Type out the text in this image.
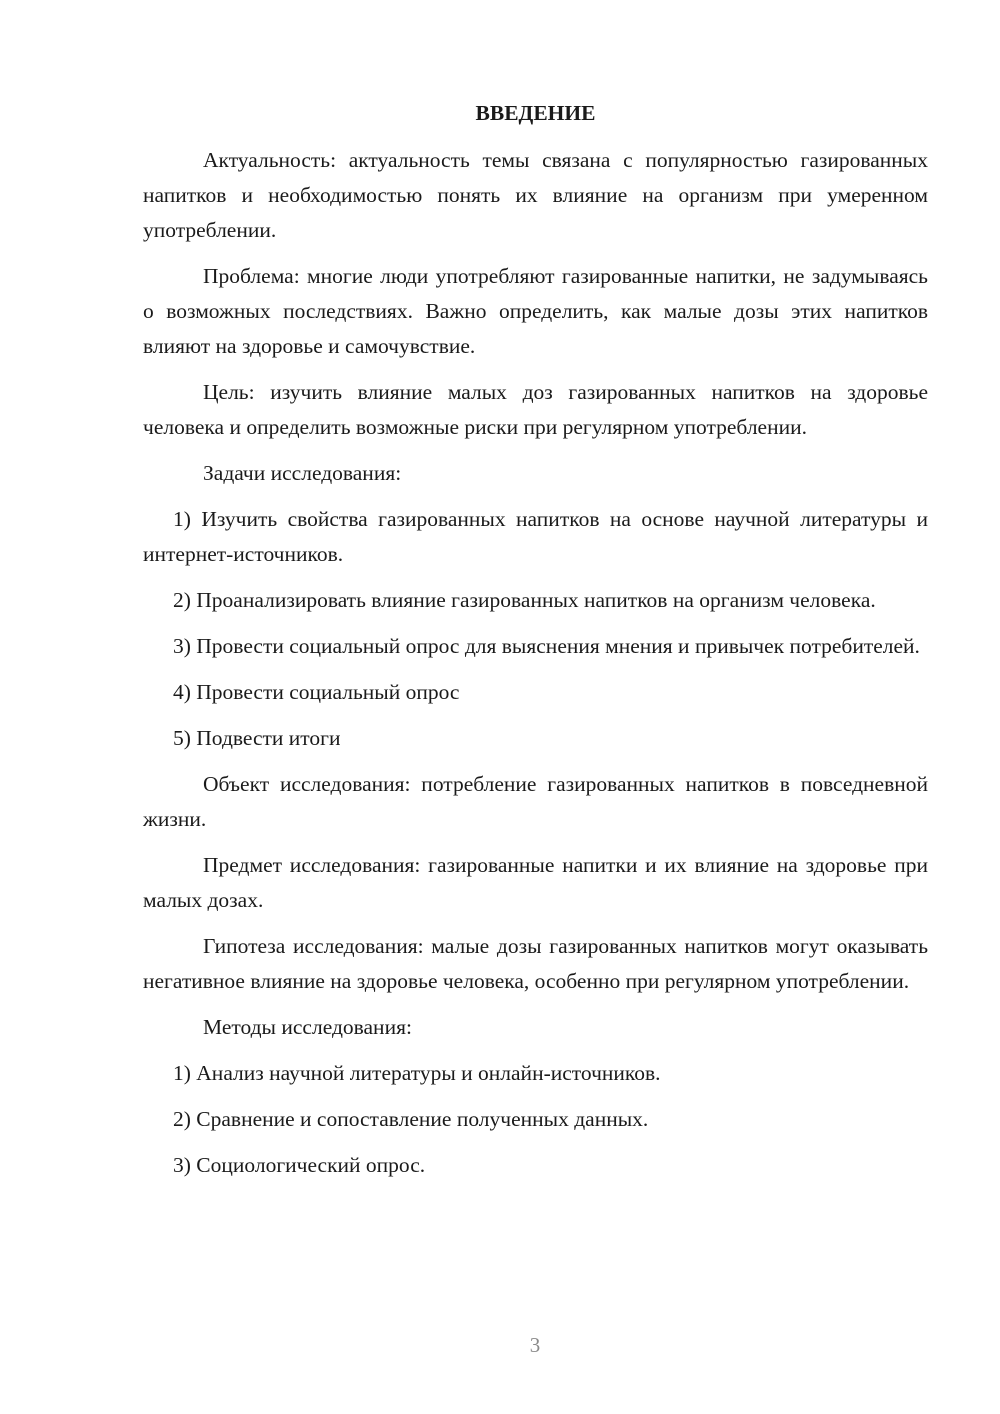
ВВЕДЕНИЕ

Актуальность: актуальность темы связана с популярностью газированных напитков и необходимостью понять их влияние на организм при умеренном употреблении.

Проблема: многие люди употребляют газированные напитки, не задумываясь о возможных последствиях. Важно определить, как малые дозы этих напитков влияют на здоровье и самочувствие.

Цель: изучить влияние малых доз газированных напитков на здоровье человека и определить возможные риски при регулярном употреблении.

Задачи исследования:

1) Изучить свойства газированных напитков на основе научной литературы и интернет-источников.

2) Проанализировать влияние газированных напитков на организм человека.

3) Провести социальный опрос для выяснения мнения и привычек потребителей.

4) Провести социальный опрос

5) Подвести итоги

Объект исследования: потребление газированных напитков в повседневной жизни.

Предмет исследования: газированные напитки и их влияние на здоровье при малых дозах.

Гипотеза исследования: малые дозы газированных напитков могут оказывать негативное влияние на здоровье человека, особенно при регулярном употреблении.

Методы исследования:

1) Анализ научной литературы и онлайн-источников.

2) Сравнение и сопоставление полученных данных.

3) Социологический опрос.

3
